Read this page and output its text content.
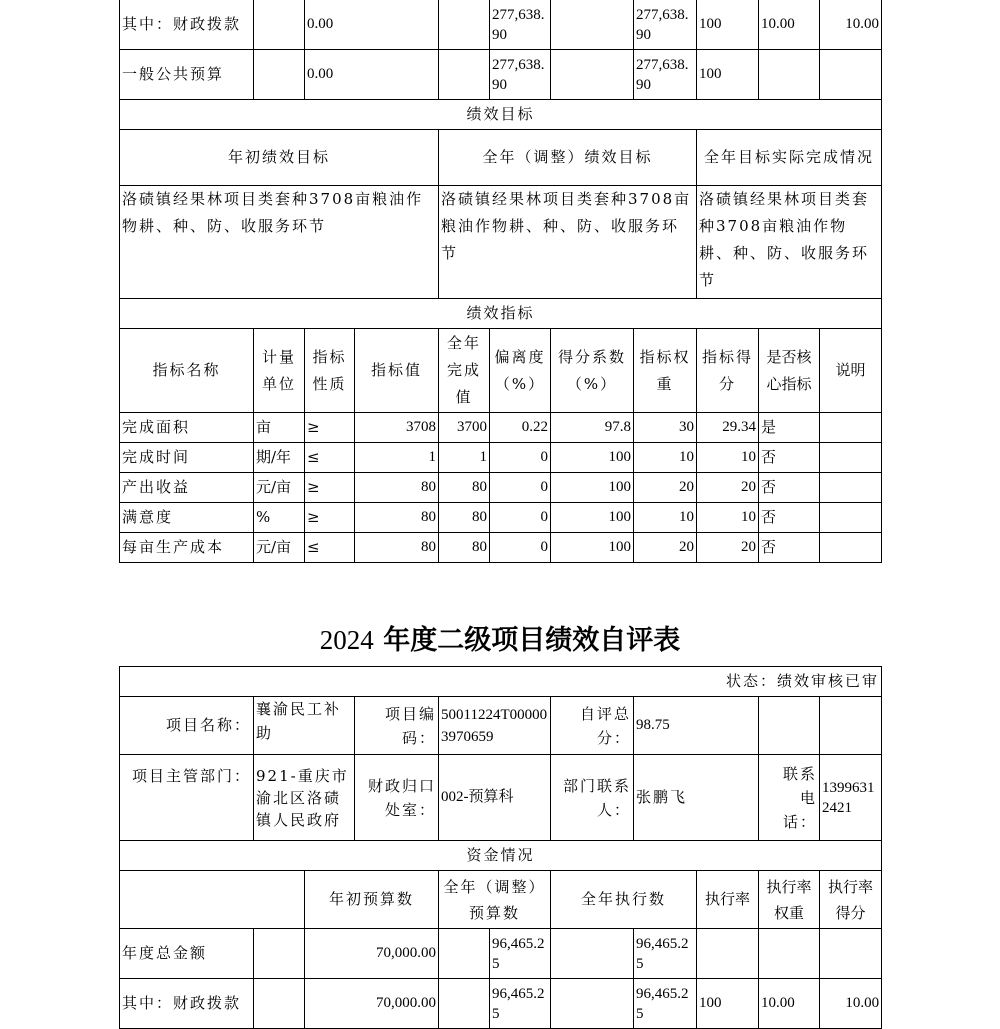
其中：财政拨款		0.00			277,638.90		277,638.90	100	10.00	10.00
一般公共预算		0.00			277,638.90		277,638.90	100		
绩效目标										
年初绩效目标				全年（调整）绩效目标				全年目标实际完成情况		
洛碛镇经果林项目类套种3708亩粮油作物耕、种、防、收服务环节				洛碛镇经果林项目类套种3708亩粮油作物耕、种、防、收服务环节				洛碛镇经果林项目类套种3708亩粮油作物耕、种、防、收服务环节		
绩效指标										
指标名称	计量单位	指标性质	指标值	全年完成值	偏离度（%）	得分系数（%）	指标权重	指标得分	是否核心指标	说明
完成面积	亩	≥	3708	3700	0.22	97.8	30	29.34	是	
完成时间	期/年	≤	1	1	0	100	10	10	否	
产出收益	元/亩	≥	80	80	0	100	20	20	否	
满意度	%	≥	80	80	0	100	10	10	否	
每亩生产成本	元/亩	≤	80	80	0	100	20	20	否	
2024 年度二级项目绩效自评表
状态：绩效审核已审										
项目名称：	襄渝民工补助		项目编码：	50011224T000003970659		自评总分：	98.75			
项目主管部门：	921-重庆市渝北区洛碛镇人民政府		财政归口处室：	002-预算科		部门联系人：	张鹏飞		联系电话：	13996312421
资金情况										
		年初预算数		全年（调整）预算数		全年执行数		执行率	执行率权重	执行率得分
年度总金额		70,000.00			96,465.25		96,465.25			
其中：财政拨款		70,000.00			96,465.25		96,465.25	100	10.00	10.00
